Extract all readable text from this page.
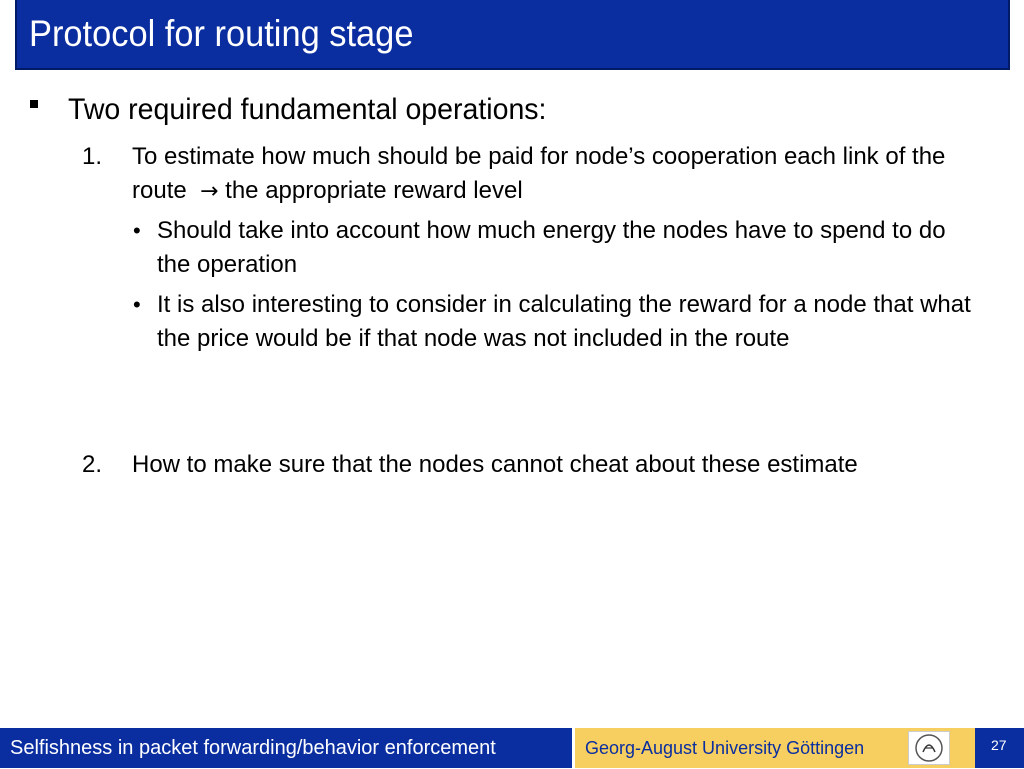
Protocol for routing stage
Two required fundamental operations:
1. To estimate how much should be paid for node’s cooperation each link of the route → the appropriate reward level
• Should take into account how much energy the nodes have to spend to do the operation
• It is also interesting to consider in calculating the reward for a node that what the price would be if that node was not included in the route
2. How to make sure that the nodes cannot cheat about these estimate
Selfishness in packet forwarding/behavior enforcement	Georg-August University Göttingen	27
